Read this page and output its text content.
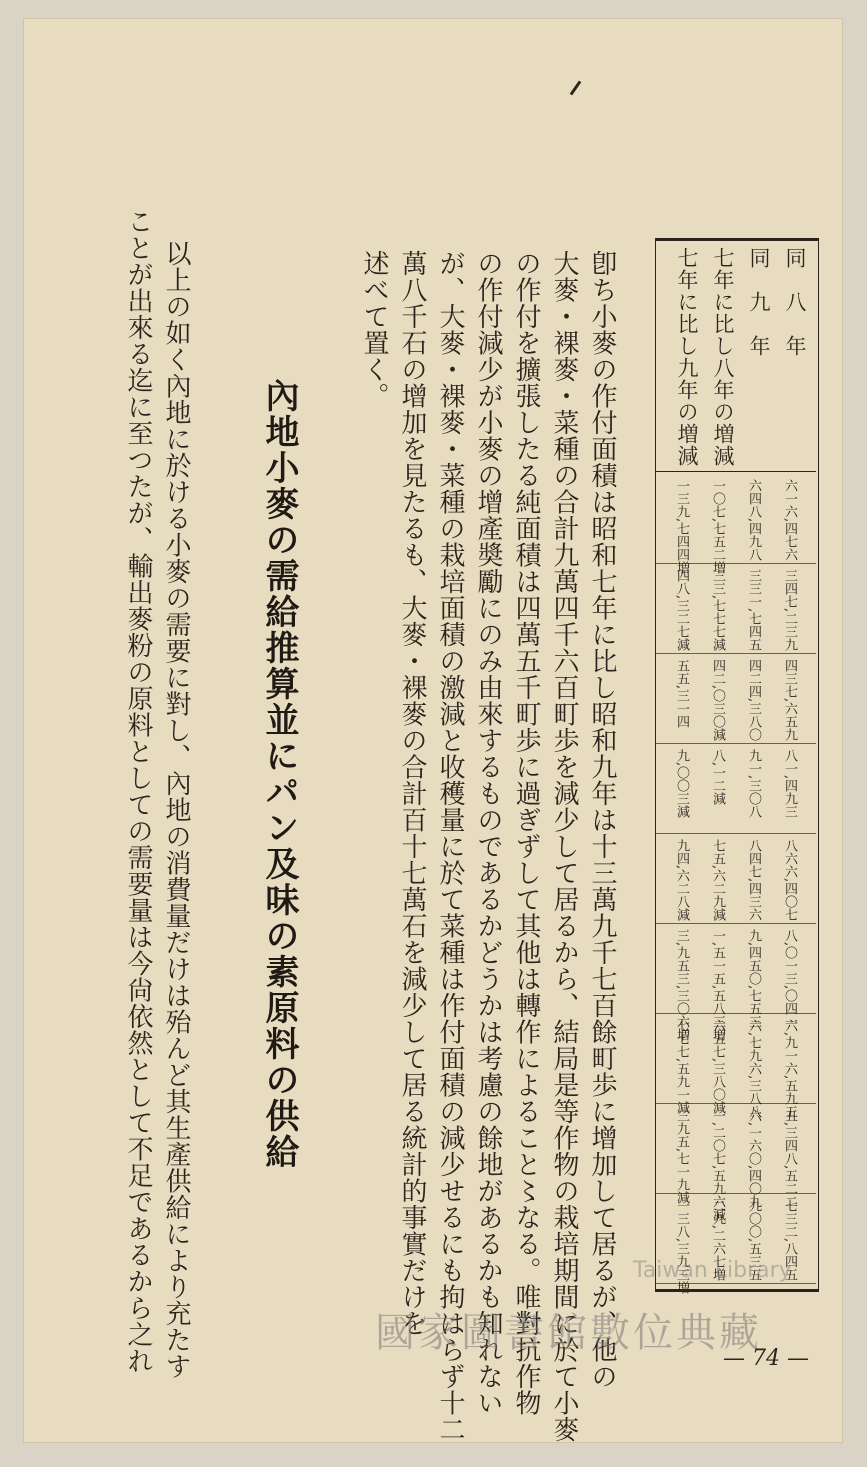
同　八　年
同　九　年
七年に比し八年の増減
七年に比し九年の増減
六一六,四七六
六四八,四九八
一〇七,七五二増
一三九,七四四増
三四七,二三九
三三一,七四五
三三,七七七減
四八,三二七減
四三七,六五九
四二四,三八〇
四二,〇三〇減
五五,三一四
八一,四九三
九一,三〇八
八,一二減
九,〇〇三減
八六六,四〇七
八四七,四三六
七五,六二九減
九四,六二八減
八,〇一三,〇四一
九,四五〇,七五三
一,五一五,五八三増
三,九五三,三〇六増
六,九一六,五九五
六,七九六,三八八
六五七,三八〇減
七七七,五九一減
五,三四八,五二二
六,一六〇,四〇九
一,二〇七,五九六減
三九五,七一九減
七三二,八四五
九〇〇,五三五
二九,二六七増
一三八,三九三増
卽ち小麥の作付面積は昭和七年に比し昭和九年は十三萬九千七百餘町歩に增加して居るが、他の
大麥・裸麥・菜種の合計九萬四千六百町歩を減少して居るから、結局是等作物の栽培期間に於て小麥
の作付を擴張したる純面積は四萬五千町歩に過ぎずして其他は轉作によること〻なる。唯對抗作物
の作付減少が小麥の增產奬勵にのみ由來するものであるかどうかは考慮の餘地があるかも知れない
が、大麥・裸麥・菜種の栽培面積の激減と收穫量に於て菜種は作付面積の減少せるにも拘はらず十二
萬八千石の增加を見たるも、大麥・裸麥の合計百十七萬石を減少して居る統計的事實だけを
述べて置く。
內地小麥の需給推算並にパン及味の素原料の供給
以上の如く內地に於ける小麥の需要に對し、內地の消費量だけは殆んど其生產供給により充たす
ことが出來る迄に至つたが、輸出麥粉の原料としての需要量は今尙依然として不足であるから之れ	Taiwan Library
國家圖書館數位典藏
— 74 —
